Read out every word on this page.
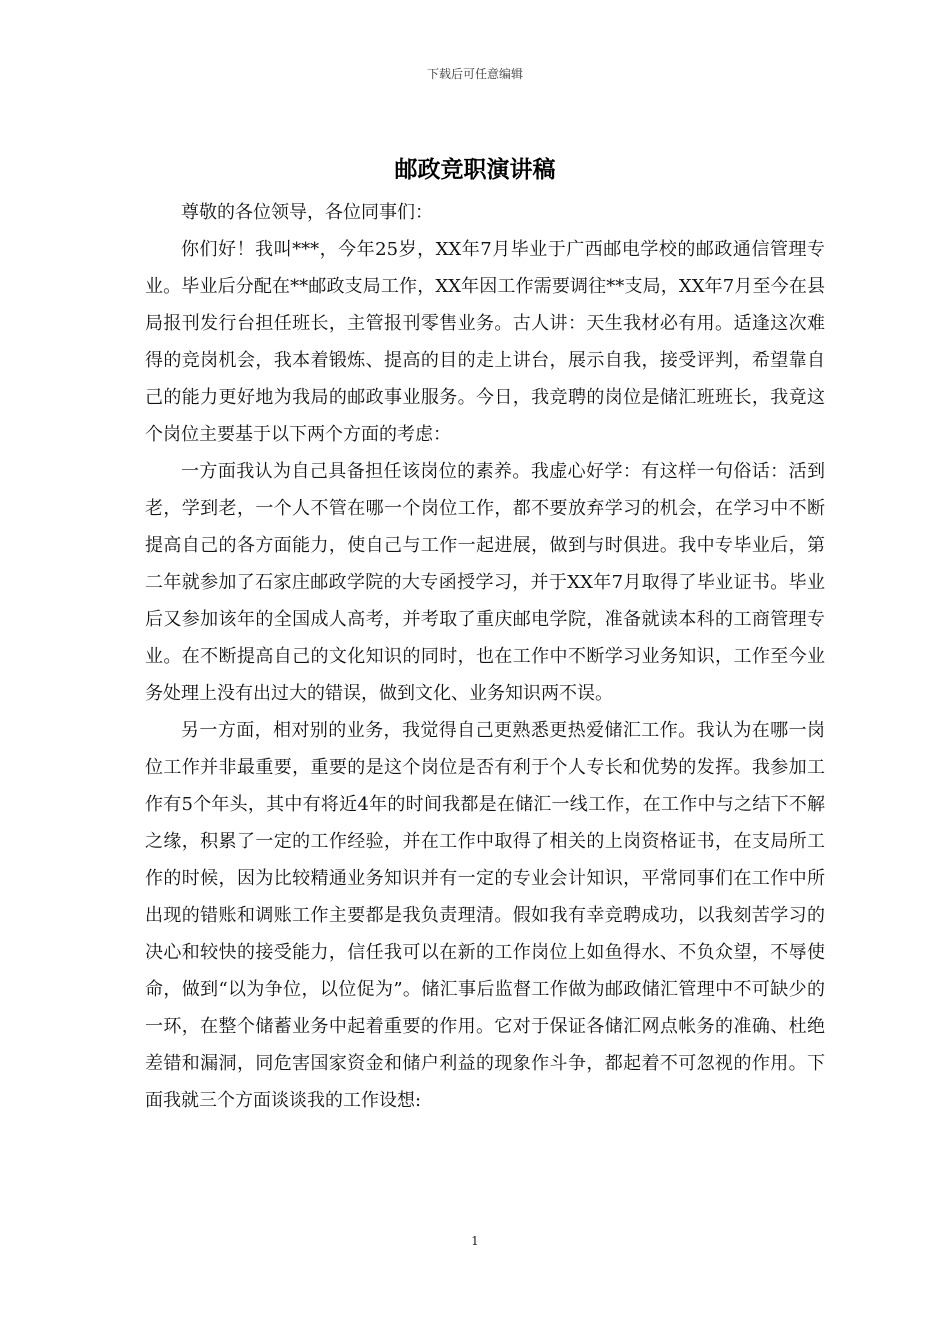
下载后可任意编辑
邮政竞职演讲稿

尊敬的各位领导，各位同事们：

你们好！我叫***，今年25岁，XX年7月毕业于广西邮电学校的邮政通信管理专业。毕业后分配在**邮政支局工作，XX年因工作需要调往**支局，XX年7月至今在县局报刊发行台担任班长，主管报刊零售业务。古人讲：天生我材必有用。适逢这次难得的竞岗机会，我本着锻炼、提高的目的走上讲台，展示自我，接受评判，希望靠自己的能力更好地为我局的邮政事业服务。今日，我竞聘的岗位是储汇班班长，我竟这个岗位主要基于以下两个方面的考虑：

一方面我认为自己具备担任该岗位的素养。我虚心好学：有这样一句俗话：活到老，学到老，一个人不管在哪一个岗位工作，都不要放弃学习的机会，在学习中不断提高自己的各方面能力，使自己与工作一起进展，做到与时俱进。我中专毕业后，第二年就参加了石家庄邮政学院的大专函授学习，并于XX年7月取得了毕业证书。毕业后又参加该年的全国成人高考，并考取了重庆邮电学院，准备就读本科的工商管理专业。在不断提高自己的文化知识的同时，也在工作中不断学习业务知识，工作至今业务处理上没有出过大的错误，做到文化、业务知识两不误。

另一方面，相对别的业务，我觉得自己更熟悉更热爱储汇工作。我认为在哪一岗位工作并非最重要，重要的是这个岗位是否有利于个人专长和优势的发挥。我参加工作有5个年头，其中有将近4年的时间我都是在储汇一线工作，在工作中与之结下不解之缘，积累了一定的工作经验，并在工作中取得了相关的上岗资格证书，在支局所工作的时候，因为比较精通业务知识并有一定的专业会计知识，平常同事们在工作中所出现的错账和调账工作主要都是我负责理清。假如我有幸竞聘成功，以我刻苦学习的决心和较快的接受能力，信任我可以在新的工作岗位上如鱼得水、不负众望，不辱使命，做到“以为争位，以位促为”。储汇事后监督工作做为邮政储汇管理中不可缺少的一环，在整个储蓄业务中起着重要的作用。它对于保证各储汇网点帐务的准确、杜绝差错和漏洞，同危害国家资金和储户利益的现象作斗争，都起着不可忽视的作用。下面我就三个方面谈谈我的工作设想:

1
